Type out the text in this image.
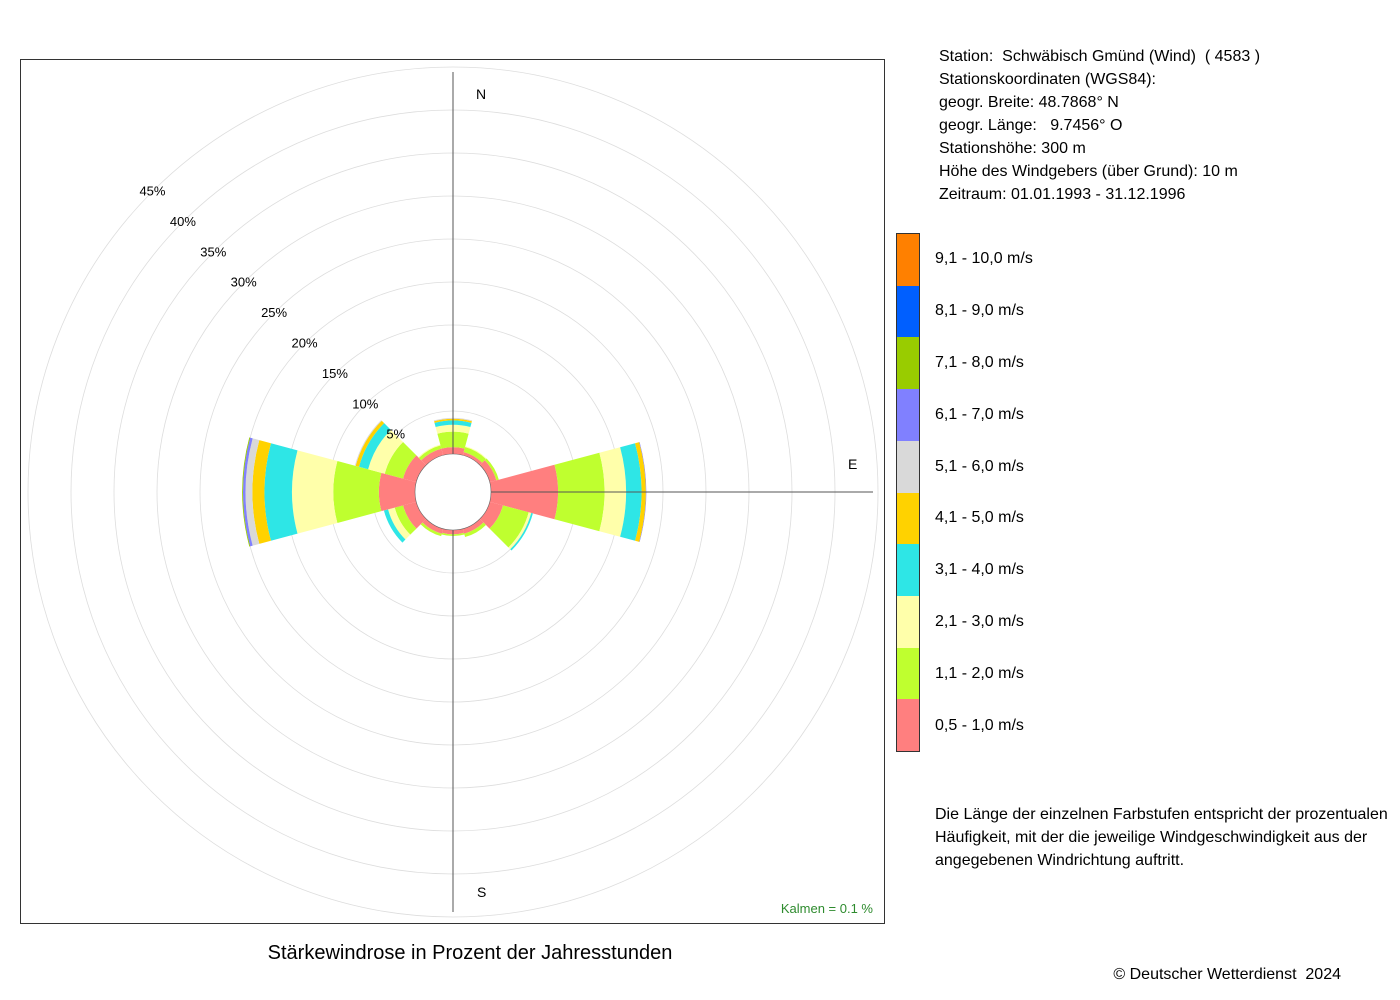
5%
10%
15%
20%
25%
30%
35%
40%
45%
N
E
S
Kalmen = 0.1 %
Station:  Schwäbisch Gmünd (Wind)  ( 4583 )
Stationskoordinaten (WGS84):
geogr. Breite: 48.7868° N
geogr. Länge:   9.7456° O
Stationshöhe: 300 m
Höhe des Windgebers (über Grund): 10 m
Zeitraum: 01.01.1993 - 31.12.1996
9,1 - 10,0 m/s
8,1 - 9,0 m/s
7,1 - 8,0 m/s
6,1 - 7,0 m/s
5,1 - 6,0 m/s
4,1 - 5,0 m/s
3,1 - 4,0 m/s
2,1 - 3,0 m/s
1,1 - 2,0 m/s
0,5 - 1,0 m/s
Die Länge der einzelnen Farbstufen entspricht der prozentualen Häufigkeit, mit der die jeweilige Windgeschwindigkeit aus der angegebenen Windrichtung auftritt.
Stärkewindrose in Prozent der Jahresstunden
© Deutscher Wetterdienst  2024
